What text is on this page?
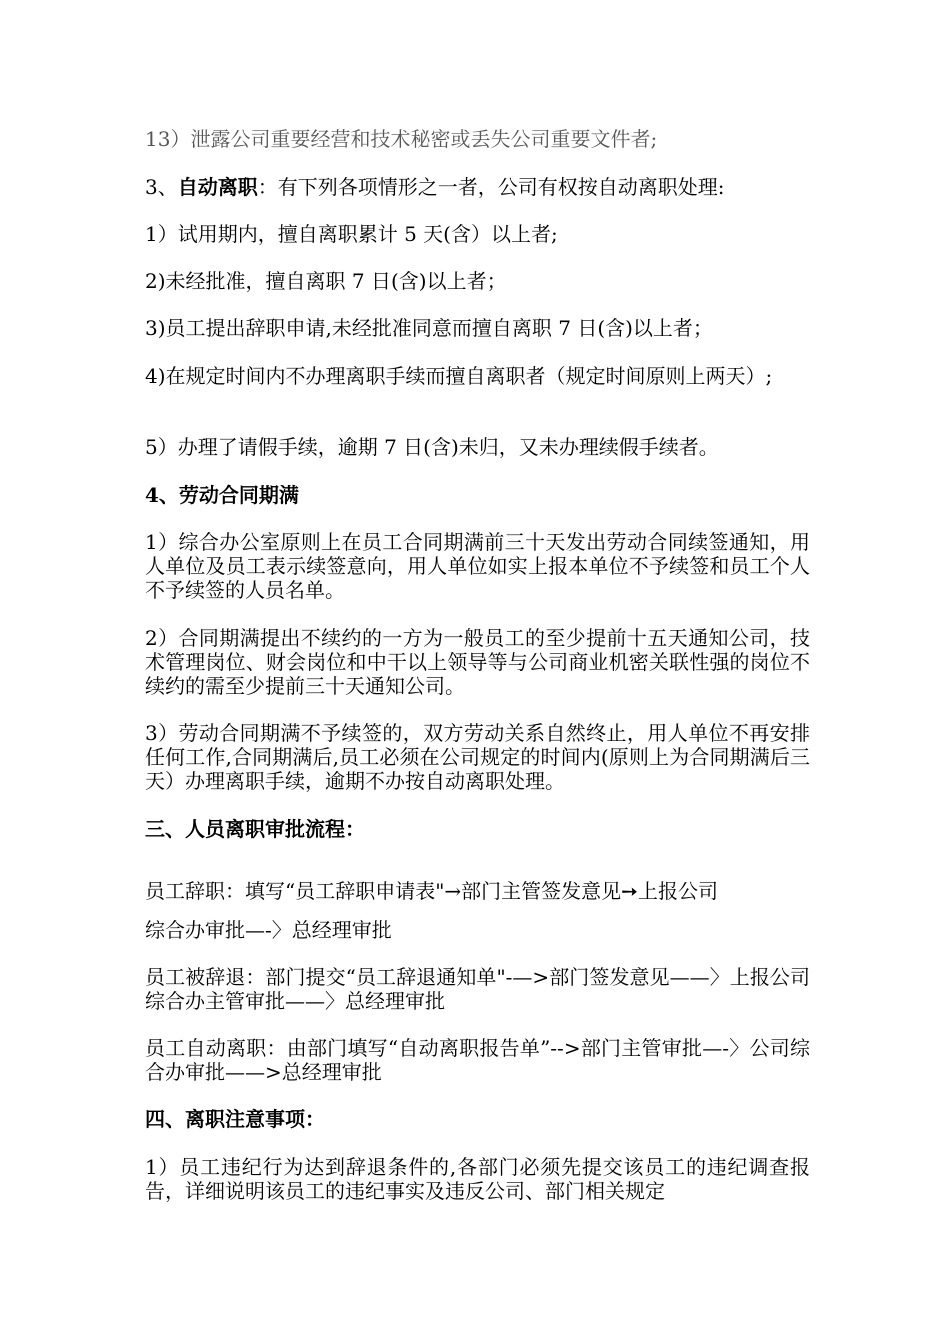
13）泄露公司重要经营和技术秘密或丢失公司重要文件者;

3、自动离职：有下列各项情形之一者，公司有权按自动离职处理:

1）试用期内，擅自离职累计 5 天(含）以上者;

2)未经批准，擅自离职 7 日(含)以上者；

3)员工提出辞职申请,未经批准同意而擅自离职 7 日(含)以上者；

4)在规定时间内不办理离职手续而擅自离职者（规定时间原则上两天）;

5）办理了请假手续，逾期 7 日(含)未归，又未办理续假手续者。

4、劳动合同期满

1）综合办公室原则上在员工合同期满前三十天发出劳动合同续签通知，用人单位及员工表示续签意向，用人单位如实上报本单位不予续签和员工个人不予续签的人员名单。

2）合同期满提出不续约的一方为一般员工的至少提前十五天通知公司，技术管理岗位、财会岗位和中干以上领导等与公司商业机密关联性强的岗位不续约的需至少提前三十天通知公司。

3）劳动合同期满不予续签的，双方劳动关系自然终止，用人单位不再安排任何工作,合同期满后,员工必须在公司规定的时间内(原则上为合同期满后三天）办理离职手续，逾期不办按自动离职处理。

三、人员离职审批流程：

员工辞职：填写“员工辞职申请表"→部门主管签发意见➙上报公司

综合办审批—-〉总经理审批

员工被辞退：部门提交“员工辞退通知单"-—>部门签发意见——〉上报公司综合办主管审批——〉总经理审批

员工自动离职：由部门填写“自动离职报告单”-->部门主管审批—-〉公司综合办审批——>总经理审批

四、离职注意事项：

1）员工违纪行为达到辞退条件的,各部门必须先提交该员工的违纪调查报告，详细说明该员工的违纪事实及违反公司、部门相关规定
